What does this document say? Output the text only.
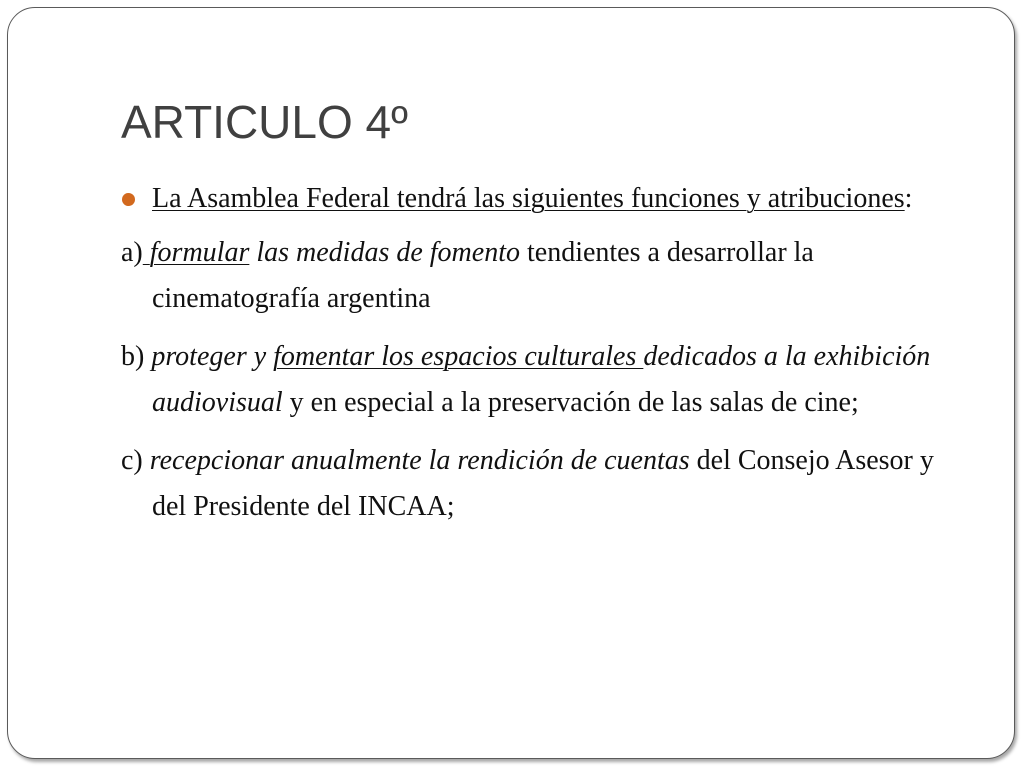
ARTICULO 4º

La Asamblea Federal tendrá las siguientes funciones y atribuciones:

a) formular las medidas de fomento tendientes a desarrollar la cinematografía argentina

b) proteger y fomentar los espacios culturales dedicados a la exhibición audiovisual y en especial a la preservación de las salas de cine;

c) recepcionar anualmente la rendición de cuentas del Consejo Asesor y del Presidente del INCAA;
